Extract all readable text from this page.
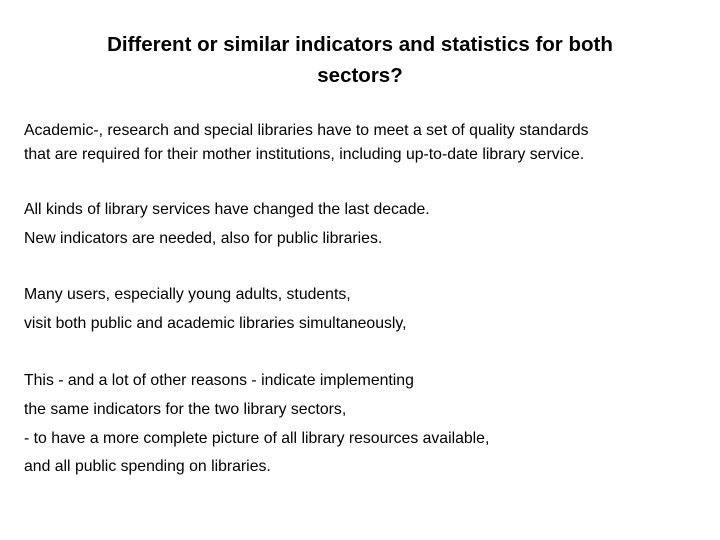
Different or similar indicators and statistics for both
sectors?

Academic-, research and special libraries have to meet a set of quality standards

that are required for their mother institutions, including up-to-date library service.

All kinds of library services have changed the last decade.

New indicators are needed, also for public libraries.

Many users, especially young adults, students,

visit both public and academic libraries simultaneously,

This - and a lot of other reasons - indicate implementing

the same indicators for the two library sectors,

- to have a more complete picture of all library resources available,

and all public spending on libraries.
